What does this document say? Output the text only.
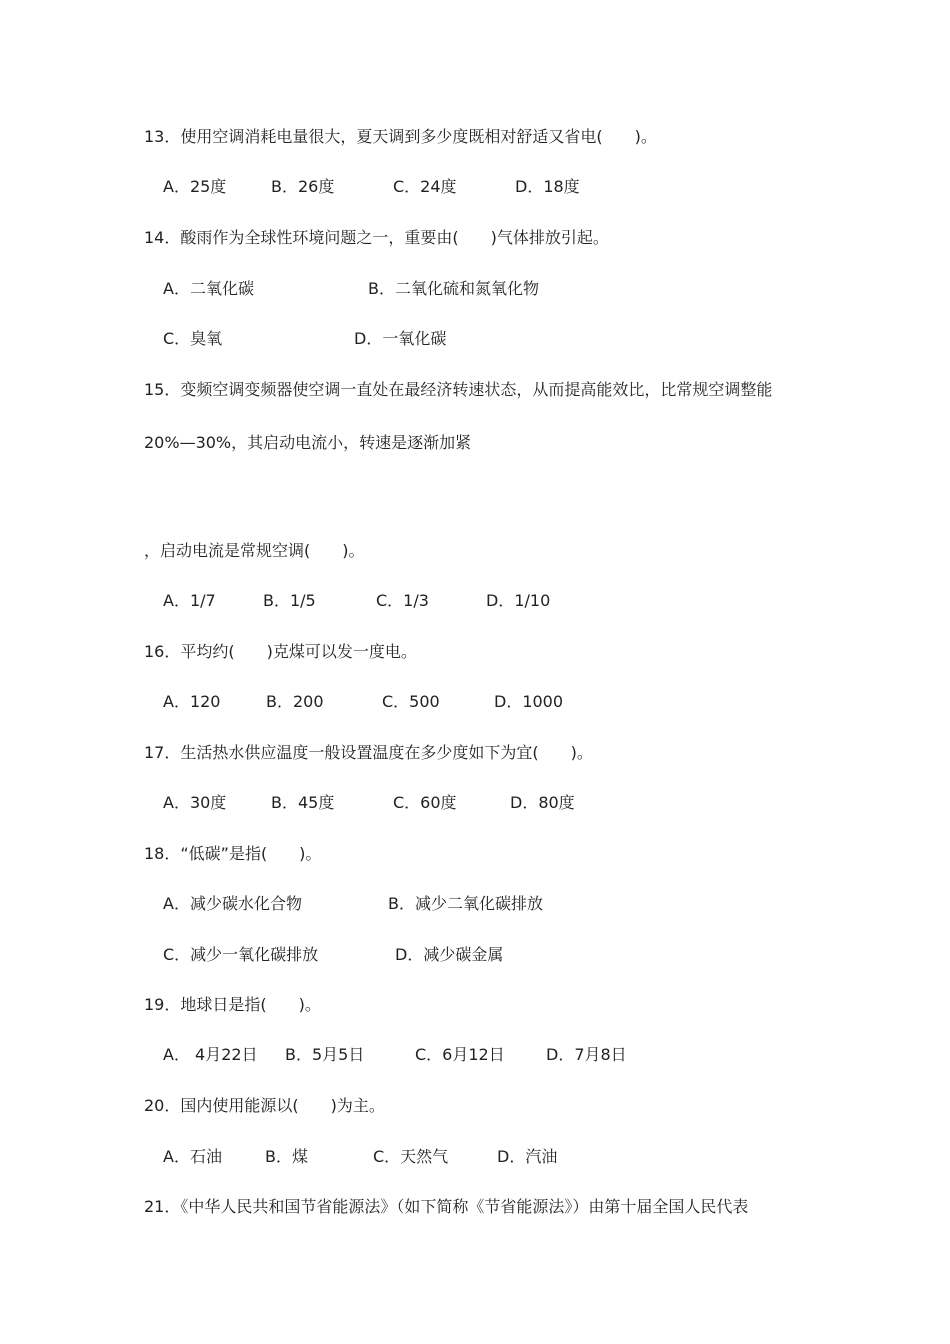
13．使用空调消耗电量很大，夏天调到多少度既相对舒适又省电(　　)。
A．25度	B．26度	C．24度	D．18度
14．酸雨作为全球性环境问题之一，重要由(　　)气体排放引起。
A．二氧化碳	B．二氧化硫和氮氧化物
C．臭氧	D．一氧化碳
15．变频空调变频器使空调一直处在最经济转速状态，从而提高能效比，比常规空调整能
20%—30%，其启动电流小，转速是逐渐加紧
，启动电流是常规空调(　　)。
A．1/7	B．1/5	C．1/3	D．1/10
16．平均约(　　)克煤可以发一度电。
A．120	B．200	C．500	D．1000
17．生活热水供应温度一般设置温度在多少度如下为宜(　　)。
A．30度	B．45度	C．60度	D．80度
18．“低碳”是指(　　)。
A．减少碳水化合物	B．减少二氧化碳排放
C．减少一氧化碳排放	D．减少碳金属
19．地球日是指(　　)。
A． 4月22日 B．5月5日	C．6月12日	D．7月8日
20．国内使用能源以(　　)为主。
A．石油	B．煤	C．天然气	D．汽油
21．《中华人民共和国节省能源法》（如下简称《节省能源法》）由第十届全国人民代表
